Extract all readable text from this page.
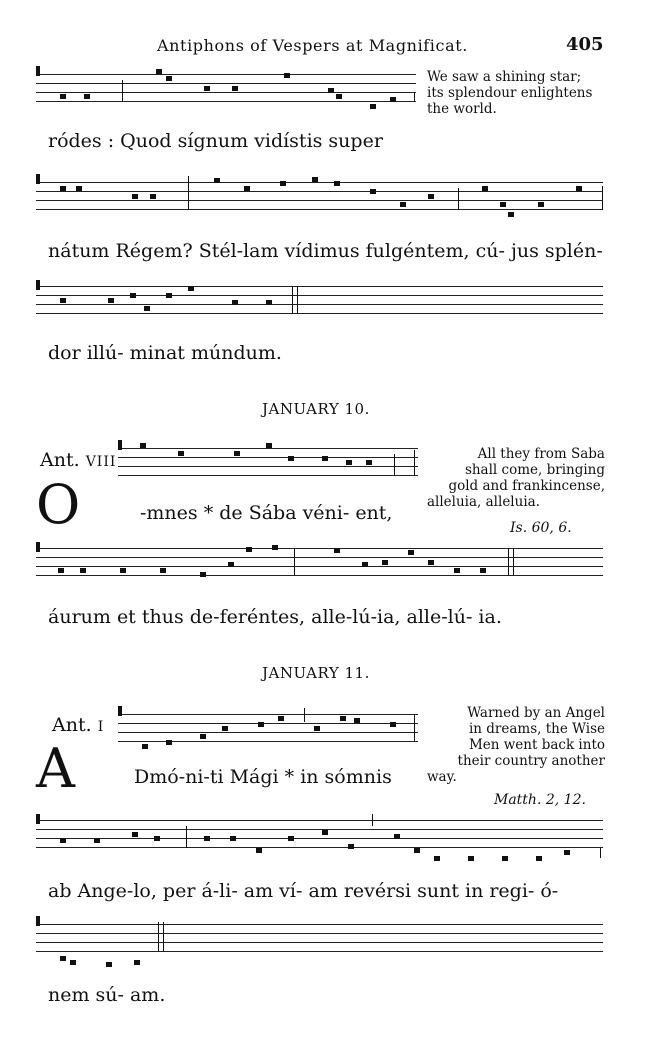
Antiphons of Vespers at Magnificat.	405
We saw a shining star;
its splendour enlightens
the world.
ródes : Quod sígnum vidístis super
nátum Régem? Stél-lam vídimus fulgéntem, cú- jus splén-
dor illú- minat múndum.
JANUARY 10.
Ant. VIII
O	-mnes * de Sába véni- ent,
All they from Saba
shall come, bringing
gold and frankincense,
alleluia, alleluia.
Is. 60, 6.
áurum et thus de-feréntes, alle-lú-ia, alle-lú- ia.
JANUARY 11.
Ant. I
A	Dmó-ni-ti Mági * in sómnis
Warned by an Angel
in dreams, the Wise
Men went back into
their country another
way.
Matth. 2, 12.
ab Ange-lo, per á-li- am ví- am revérsi sunt in regi- ó-
nem sú- am.
